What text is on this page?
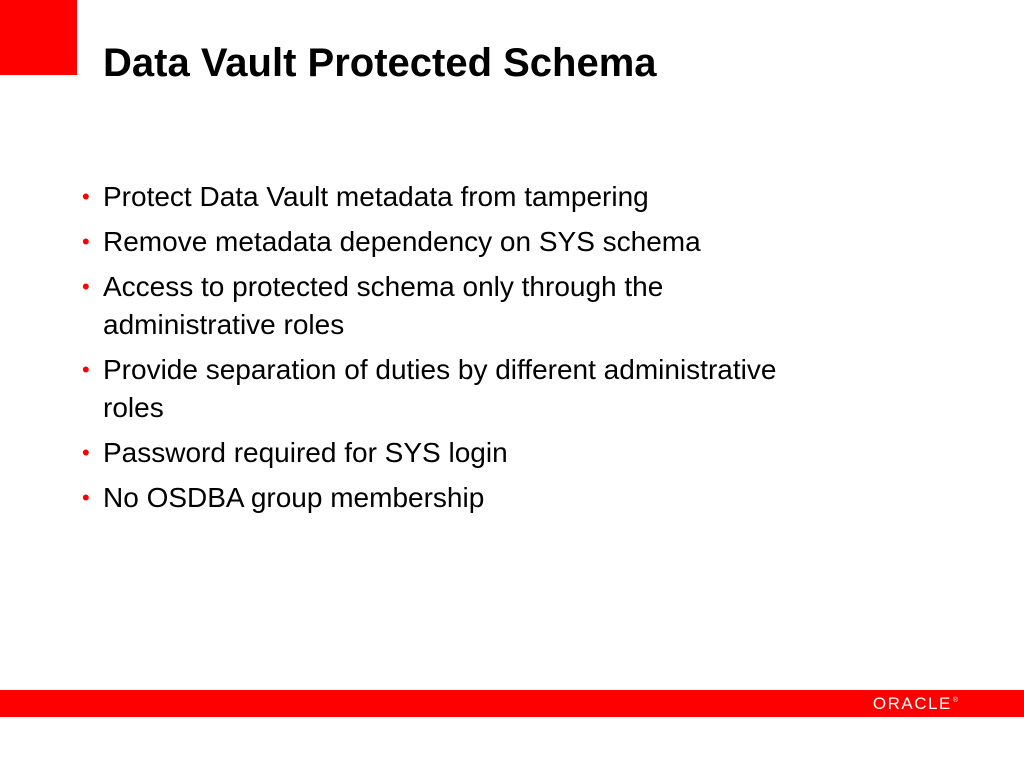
Data Vault Protected Schema
• Protect Data Vault metadata from tampering
• Remove metadata dependency on SYS schema
• Access to protected schema only through the administrative roles
• Provide separation of duties by different administrative roles
• Password required for SYS login
• No OSDBA group membership
ORACLE ®
